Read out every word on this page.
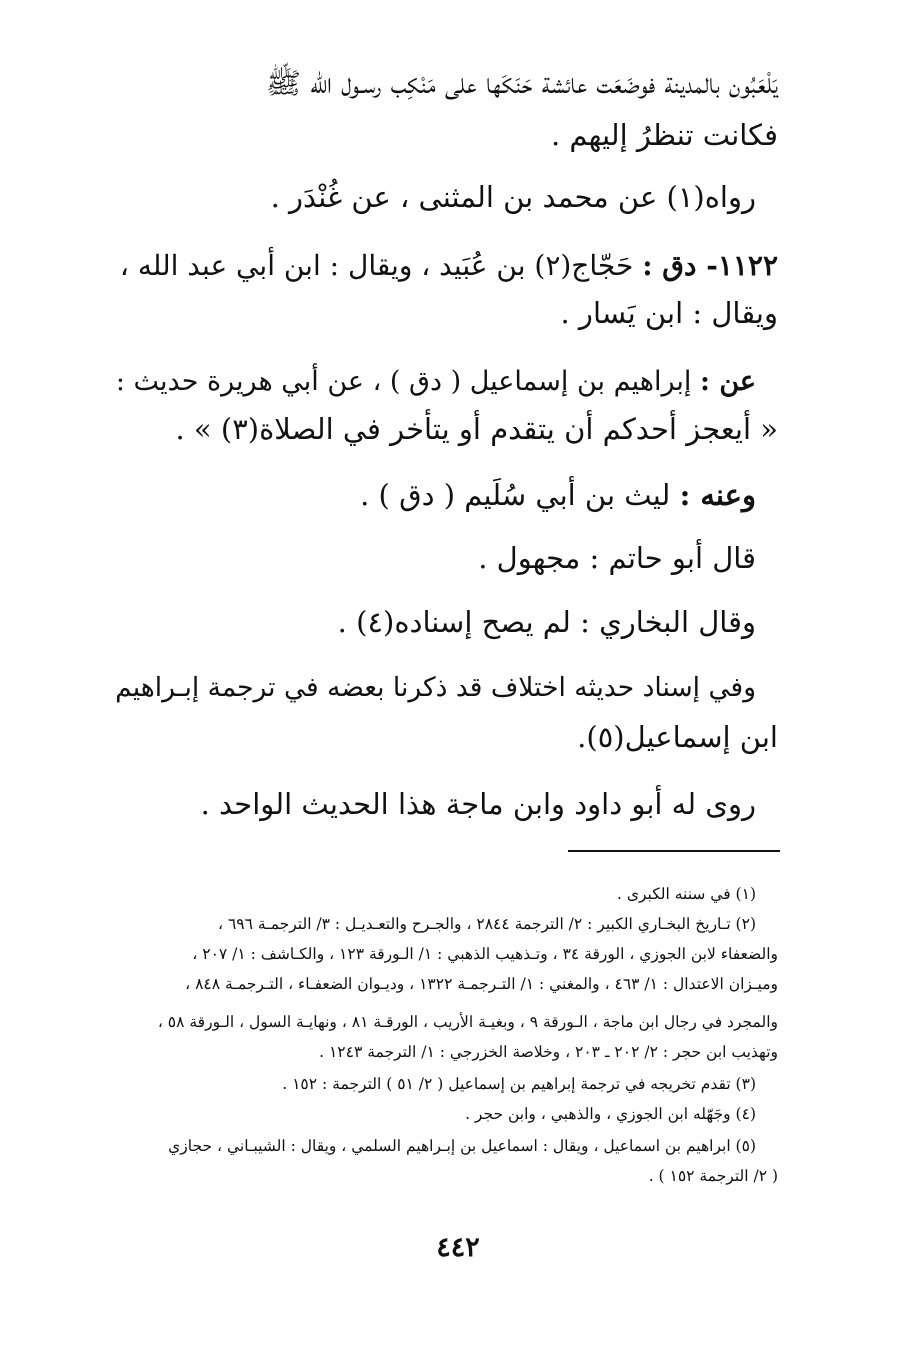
يَلْعَبُون بالمدينة فوضَعَت عائشة حَنَكَها على مَنْكِب رسـول اللّه ﷺ
فكانت تنظرُ إليهم .
رواه(١) عن محمد بن المثنى ، عن غُنْدَر .
١١٢٢- دق : حَجّاج(٢) بن عُبَيد ، ويقال : ابن أبي عبد الله ،
ويقال : ابن يَسار .
عن : إبراهيم بن إسماعيل ( دق ) ، عن أبي هريرة حديث :
« أيعجز أحدكم أن يتقدم أو يتأخر في الصلاة(٣) » .
وعنه : ليث بن أبي سُلَيم ( دق ) .
قال أبو حاتم : مجهول .
وقال البخاري : لم يصح إسناده(٤) .
وفي إسناد حديثه اختلاف قد ذكرنا بعضه في ترجمة إبـراهيم
ابن إسماعيل(٥).
روى له أبو داود وابن ماجة هذا الحديث الواحد .
(١) في سننه الكبرى .
(٢) تـاريخ البخـاري الكبير : ٢/ الترجمة ٢٨٤٤ ، والجـرح والتعـديـل : ٣/ الترجمـة ٦٩٦ ،
والضعفاء لابن الجوزي ، الورقة ٣٤ ، وتـذهيب الذهبي : ١/ الـورقة ١٢٣ ، والكـاشف : ١/ ٢٠٧ ،
وميـزان الاعتدال : ١/ ٤٦٣ ، والمغني : ١/ التـرجمـة ١٣٢٢ ، وديـوان الضعفـاء ، التـرجمـة ٨٤٨ ،
والمجرد في رجال ابن ماجة ، الـورقة ٩ ، وبغيـة الأريب ، الورقـة ٨١ ، ونهايـة السول ، الـورقة ٥٨ ،
وتهذيب ابن حجر : ٢/ ٢٠٢ ـ ٢٠٣ ، وخلاصة الخزرجي : ١/ الترجمة ١٢٤٣ .
(٣) تقدم تخريجه في ترجمة إبراهيم بن إسماعيل ( ٢/ ٥١ ) الترجمة : ١٥٢ .
(٤) وجَهّله ابن الجوزي ، والذهبي ، وابن حجر .
(٥) ابراهيم بن اسماعيل ، ويقال : اسماعيل بن إبـراهيم السلمي ، ويقال : الشيبـاني ، حجازي
( ٢/ الترجمة ١٥٢ ) .
٤٤٢
